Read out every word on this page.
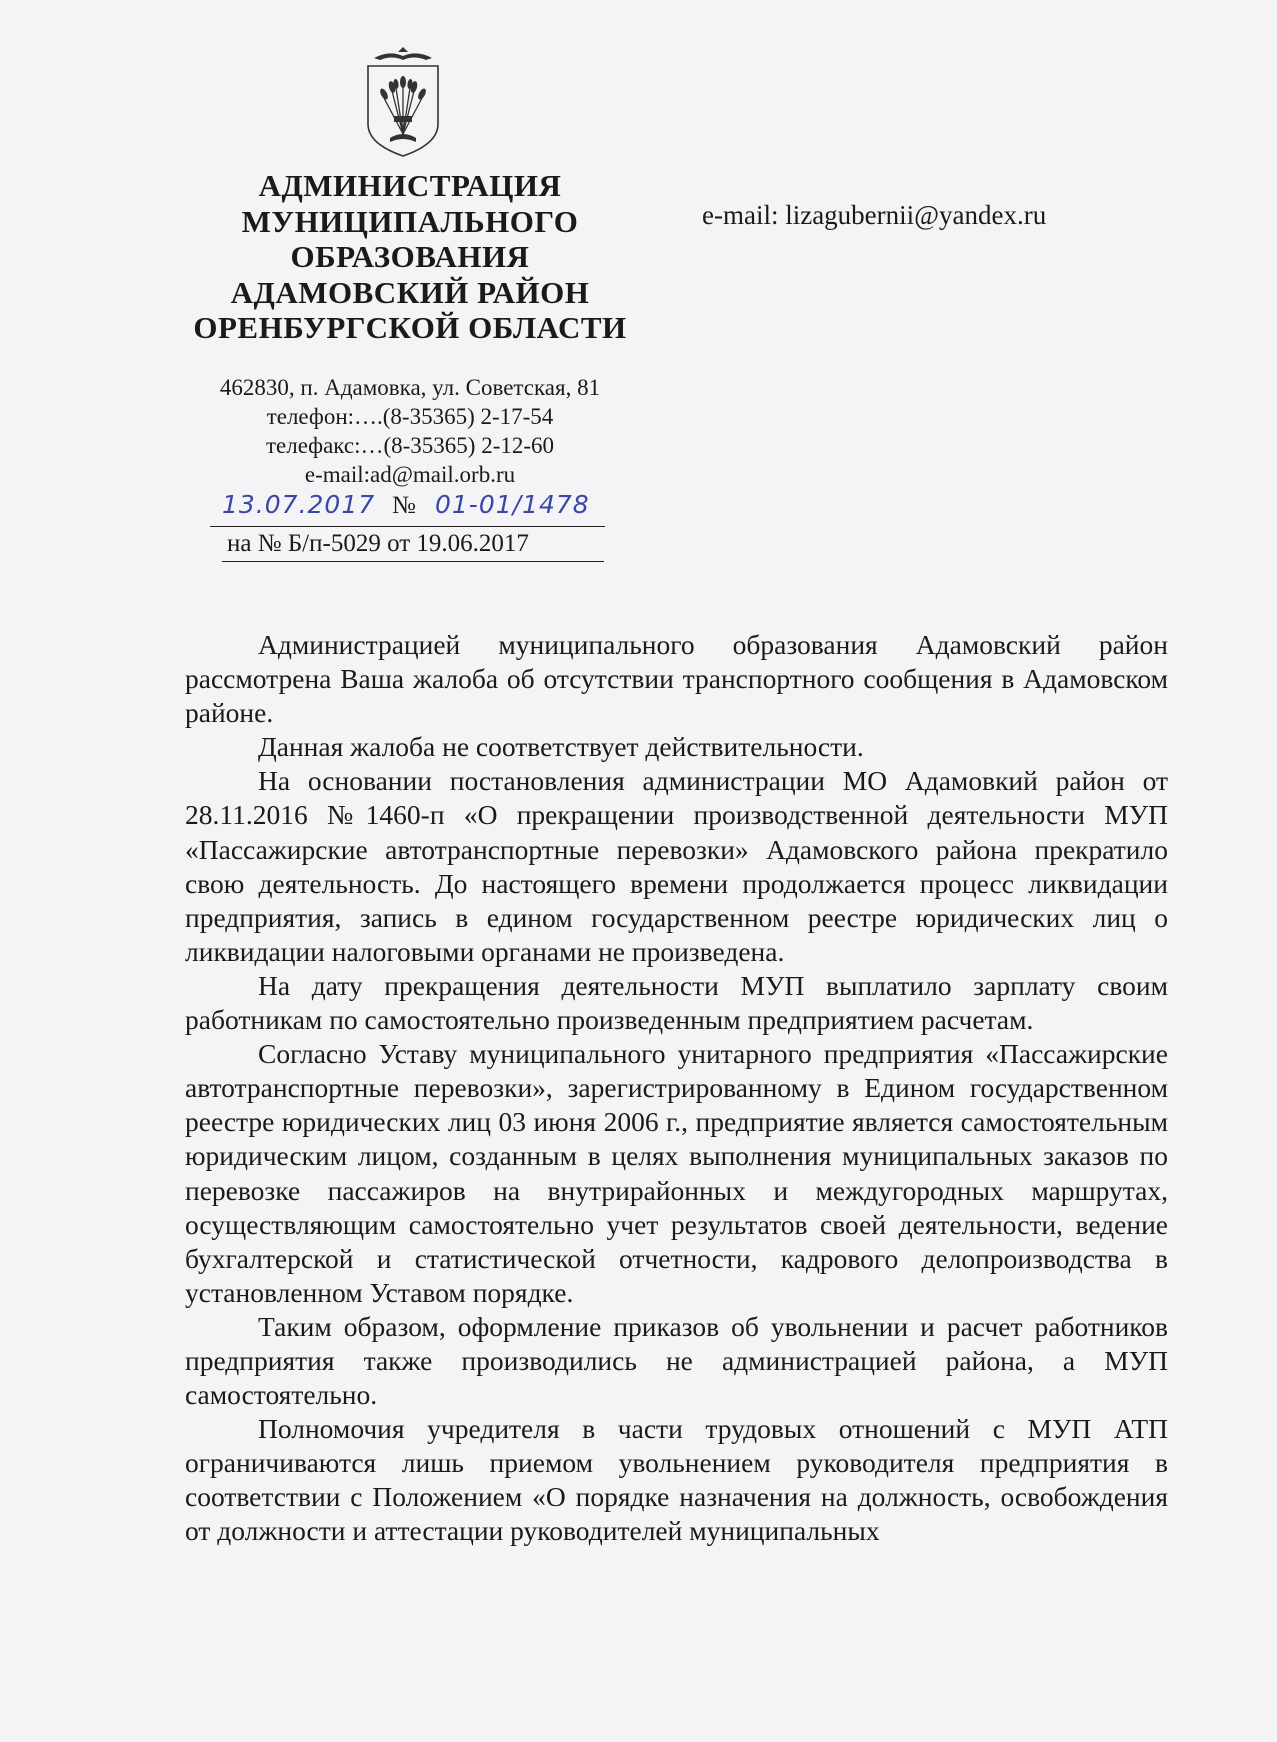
АДМИНИСТРАЦИЯ
МУНИЦИПАЛЬНОГО
ОБРАЗОВАНИЯ
АДАМОВСКИЙ РАЙОН
ОРЕНБУРГСКОЙ ОБЛАСТИ
e-mail: lizagubernii@yandex.ru
462830, п. Адамовка, ул. Советская, 81
телефон:….(8-35365) 2-17-54
телефакс:…(8-35365) 2-12-60
e-mail:ad@mail.orb.ru
13.07.2017 № 01-01/1478
на № Б/п-5029 от 19.06.2017

Администрацией муниципального образования Адамовский район рассмотрена Ваша жалоба об отсутствии транспортного сообщения в Адамовском районе.

Данная жалоба не соответствует действительности.

На основании постановления администрации МО Адамовкий район от 28.11.2016 №1460-п «О прекращении производственной деятельности МУП «Пассажирские автотранспортные перевозки» Адамовского района прекратило свою деятельность. До настоящего времени продолжается процесс ликвидации предприятия, запись в едином государственном реестре юридических лиц о ликвидации налоговыми органами не произведена.

На дату прекращения деятельности МУП выплатило зарплату своим работникам по самостоятельно произведенным предприятием расчетам.

Согласно Уставу муниципального унитарного предприятия «Пассажирские автотранспортные перевозки», зарегистрированному в Едином государственном реестре юридических лиц 03 июня 2006 г., предприятие является самостоятельным юридическим лицом, созданным в целях выполнения муниципальных заказов по перевозке пассажиров на внутрирайонных и междугородных маршрутах, осуществляющим самостоятельно учет результатов своей деятельности, ведение бухгалтерской и статистической отчетности, кадрового делопроизводства в установленном Уставом порядке.

Таким образом, оформление приказов об увольнении и расчет работников предприятия также производились не администрацией района, а МУП самостоятельно.

Полномочия учредителя в части трудовых отношений с МУП АТП ограничиваются лишь приемом увольнением руководителя предприятия в соответствии с Положением «О порядке назначения на должность, освобождения от должности и аттестации руководителей муниципальных
